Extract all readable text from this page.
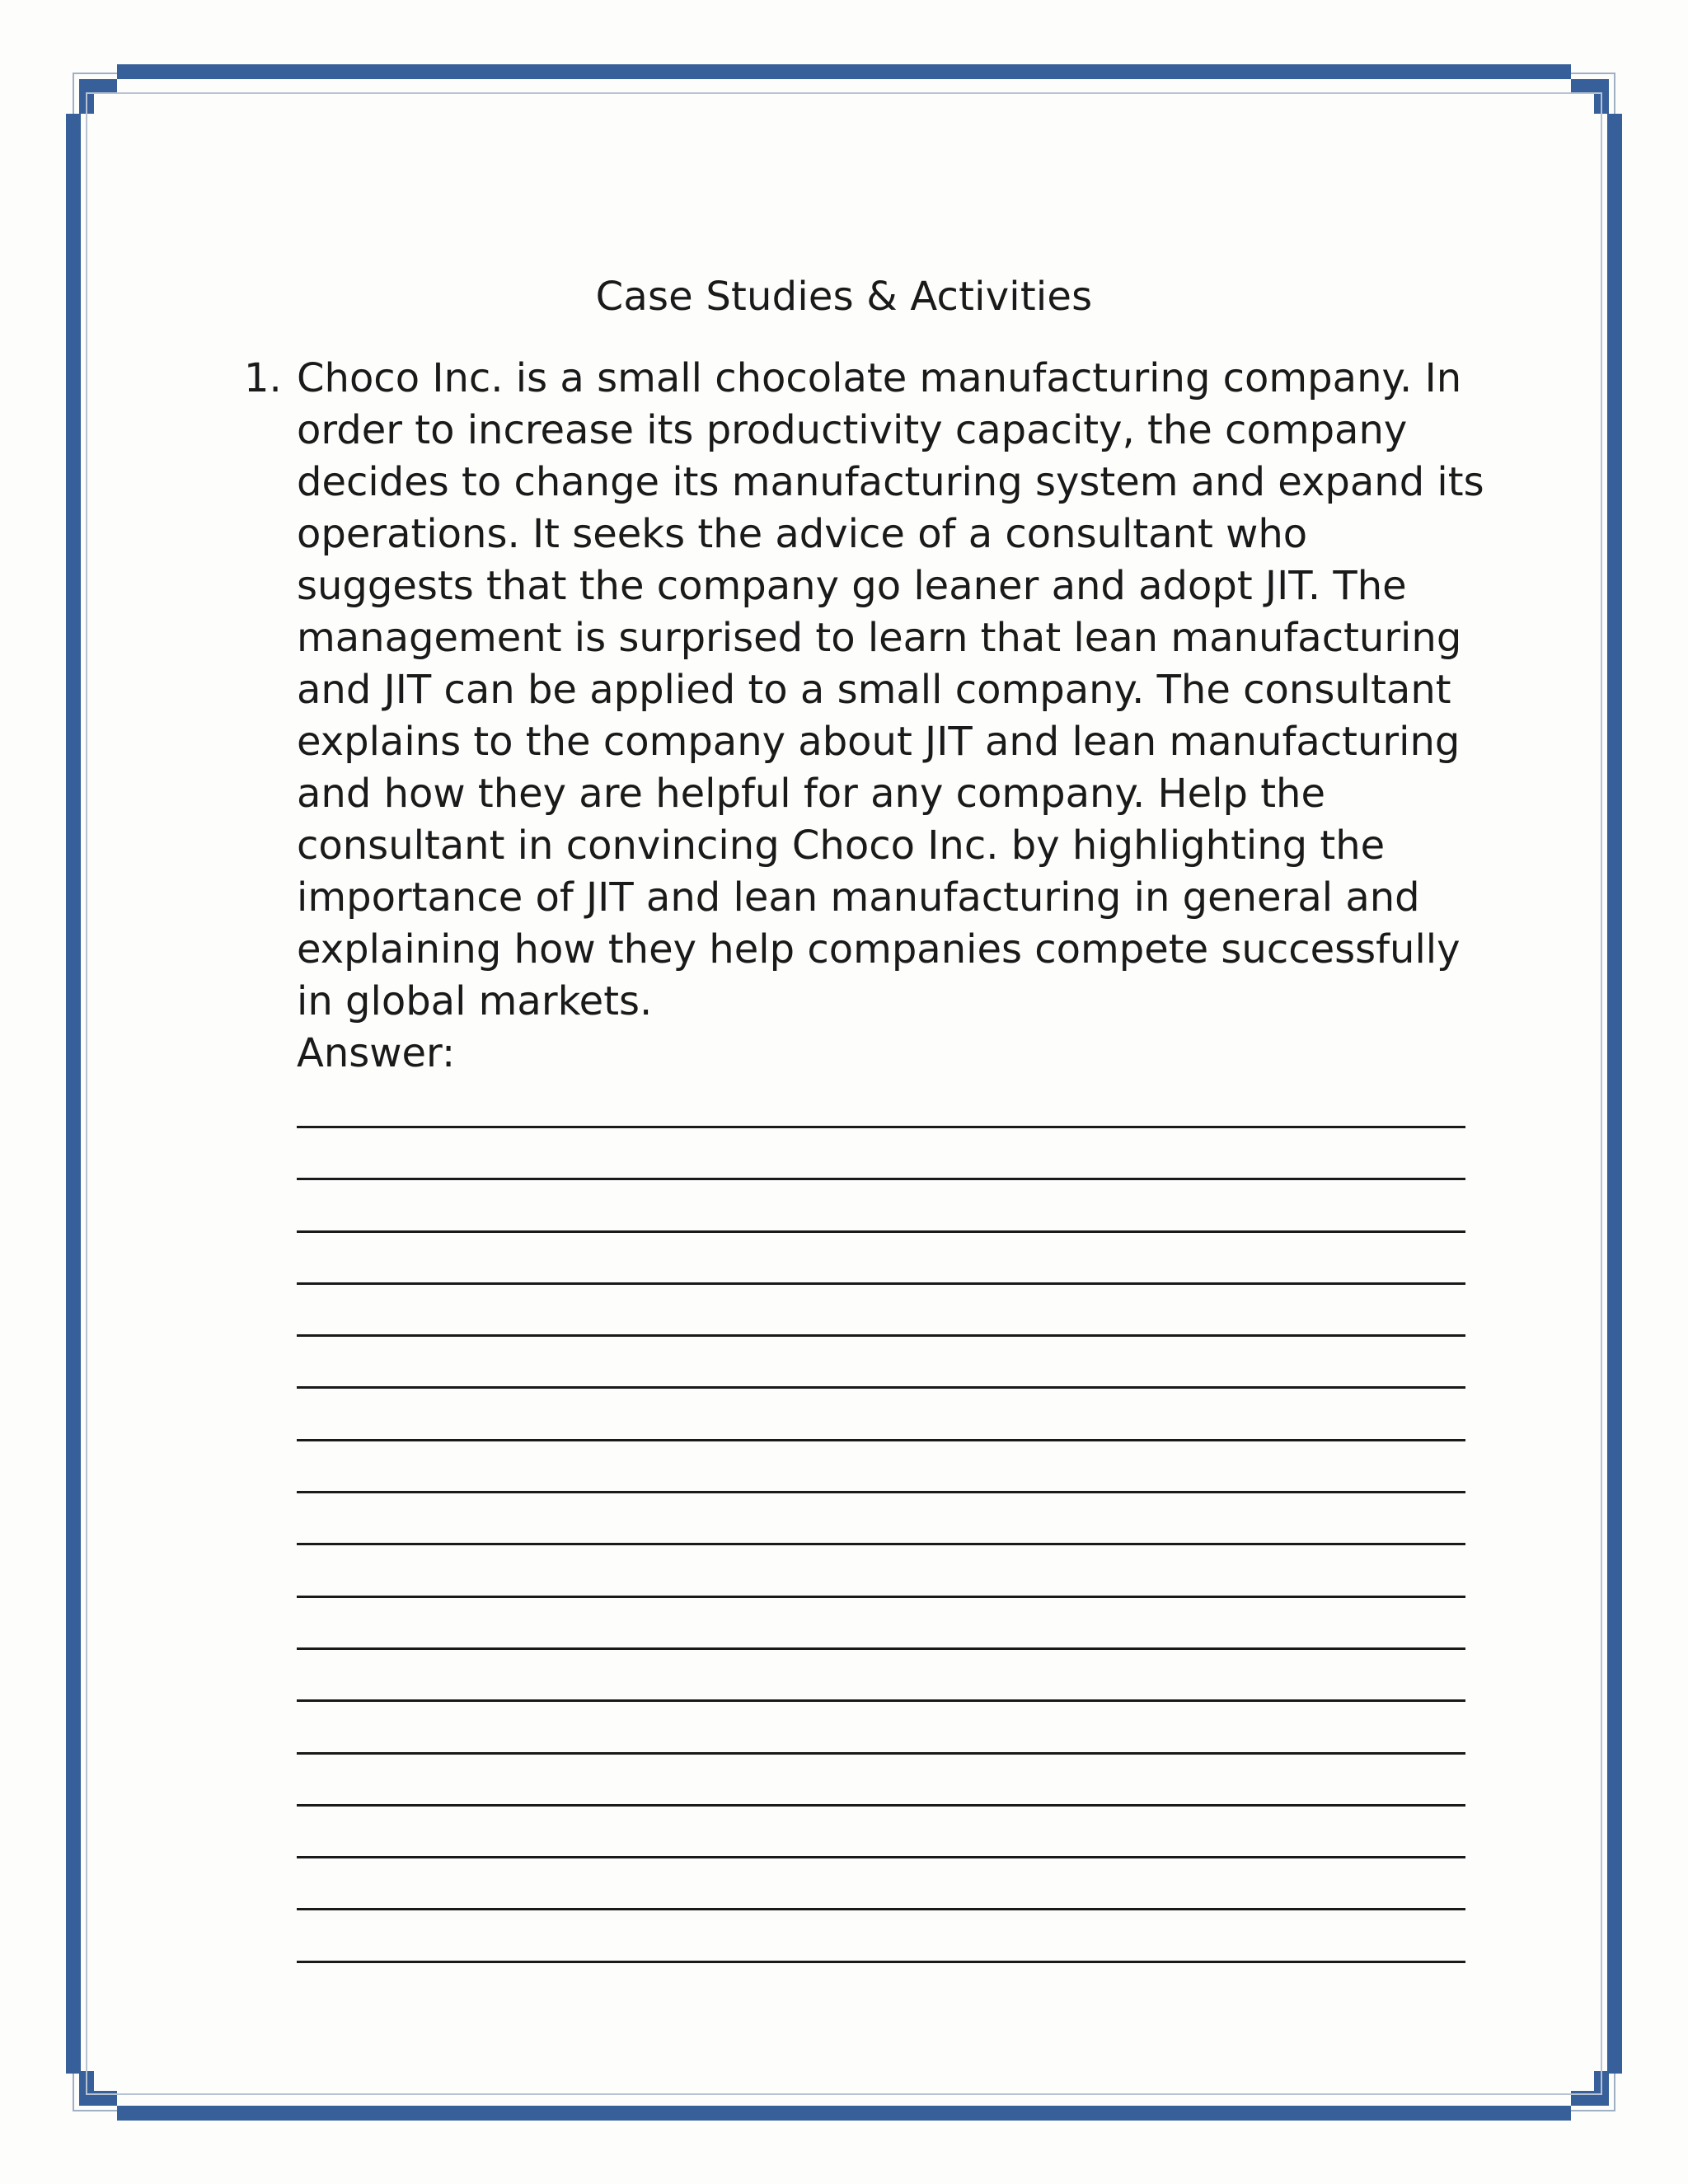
Case Studies & Activities
1. Choco Inc. is a small chocolate manufacturing company. In order to increase its productivity capacity, the company decides to change its manufacturing system and expand its operations. It seeks the advice of a consultant who suggests that the company go leaner and adopt JIT. The management is surprised to learn that lean manufacturing and JIT can be applied to a small company. The consultant explains to the company about JIT and lean manufacturing and how they are helpful for any company. Help the consultant in convincing Choco Inc. by highlighting the importance of JIT and lean manufacturing in general and explaining how they help companies compete successfully in global markets.
Answer:
